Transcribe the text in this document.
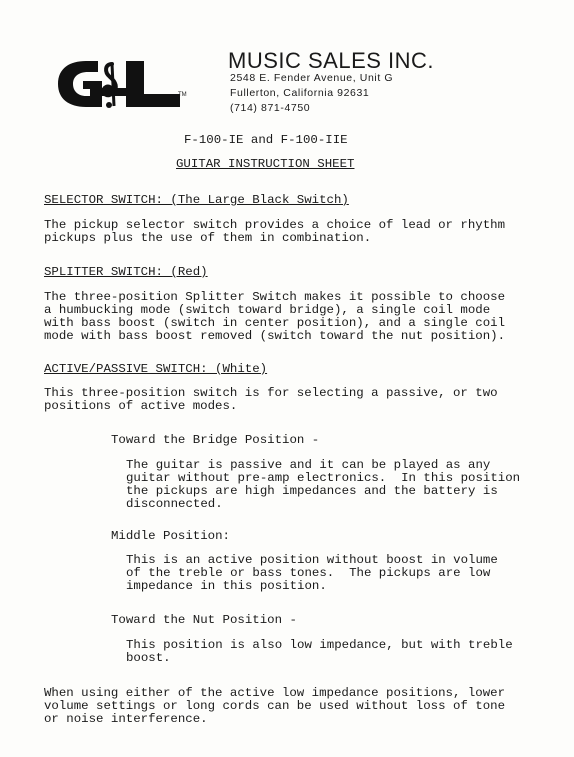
TM
MUSIC SALES INC.
2548 E. Fender Avenue, Unit G
Fullerton, California 92631
(714) 871-4750
F-100-IE and F-100-IIE
GUITAR INSTRUCTION SHEET
SELECTOR SWITCH: (The Large Black Switch)
The pickup selector switch provides a choice of lead or rhythm
pickups plus the use of them in combination.
SPLITTER SWITCH: (Red)
The three-position Splitter Switch makes it possible to choose
a humbucking mode (switch toward bridge), a single coil mode
with bass boost (switch in center position), and a single coil
mode with bass boost removed (switch toward the nut position).
ACTIVE/PASSIVE SWITCH: (White)
This three-position switch is for selecting a passive, or two
positions of active modes.
Toward the Bridge Position -
The guitar is passive and it can be played as any
guitar without pre-amp electronics.  In this position
the pickups are high impedances and the battery is
disconnected.
Middle Position:
This is an active position without boost in volume
of the treble or bass tones.  The pickups are low
impedance in this position.
Toward the Nut Position -
This position is also low impedance, but with treble
boost.
When using either of the active low impedance positions, lower
volume settings or long cords can be used without loss of tone
or noise interference.
